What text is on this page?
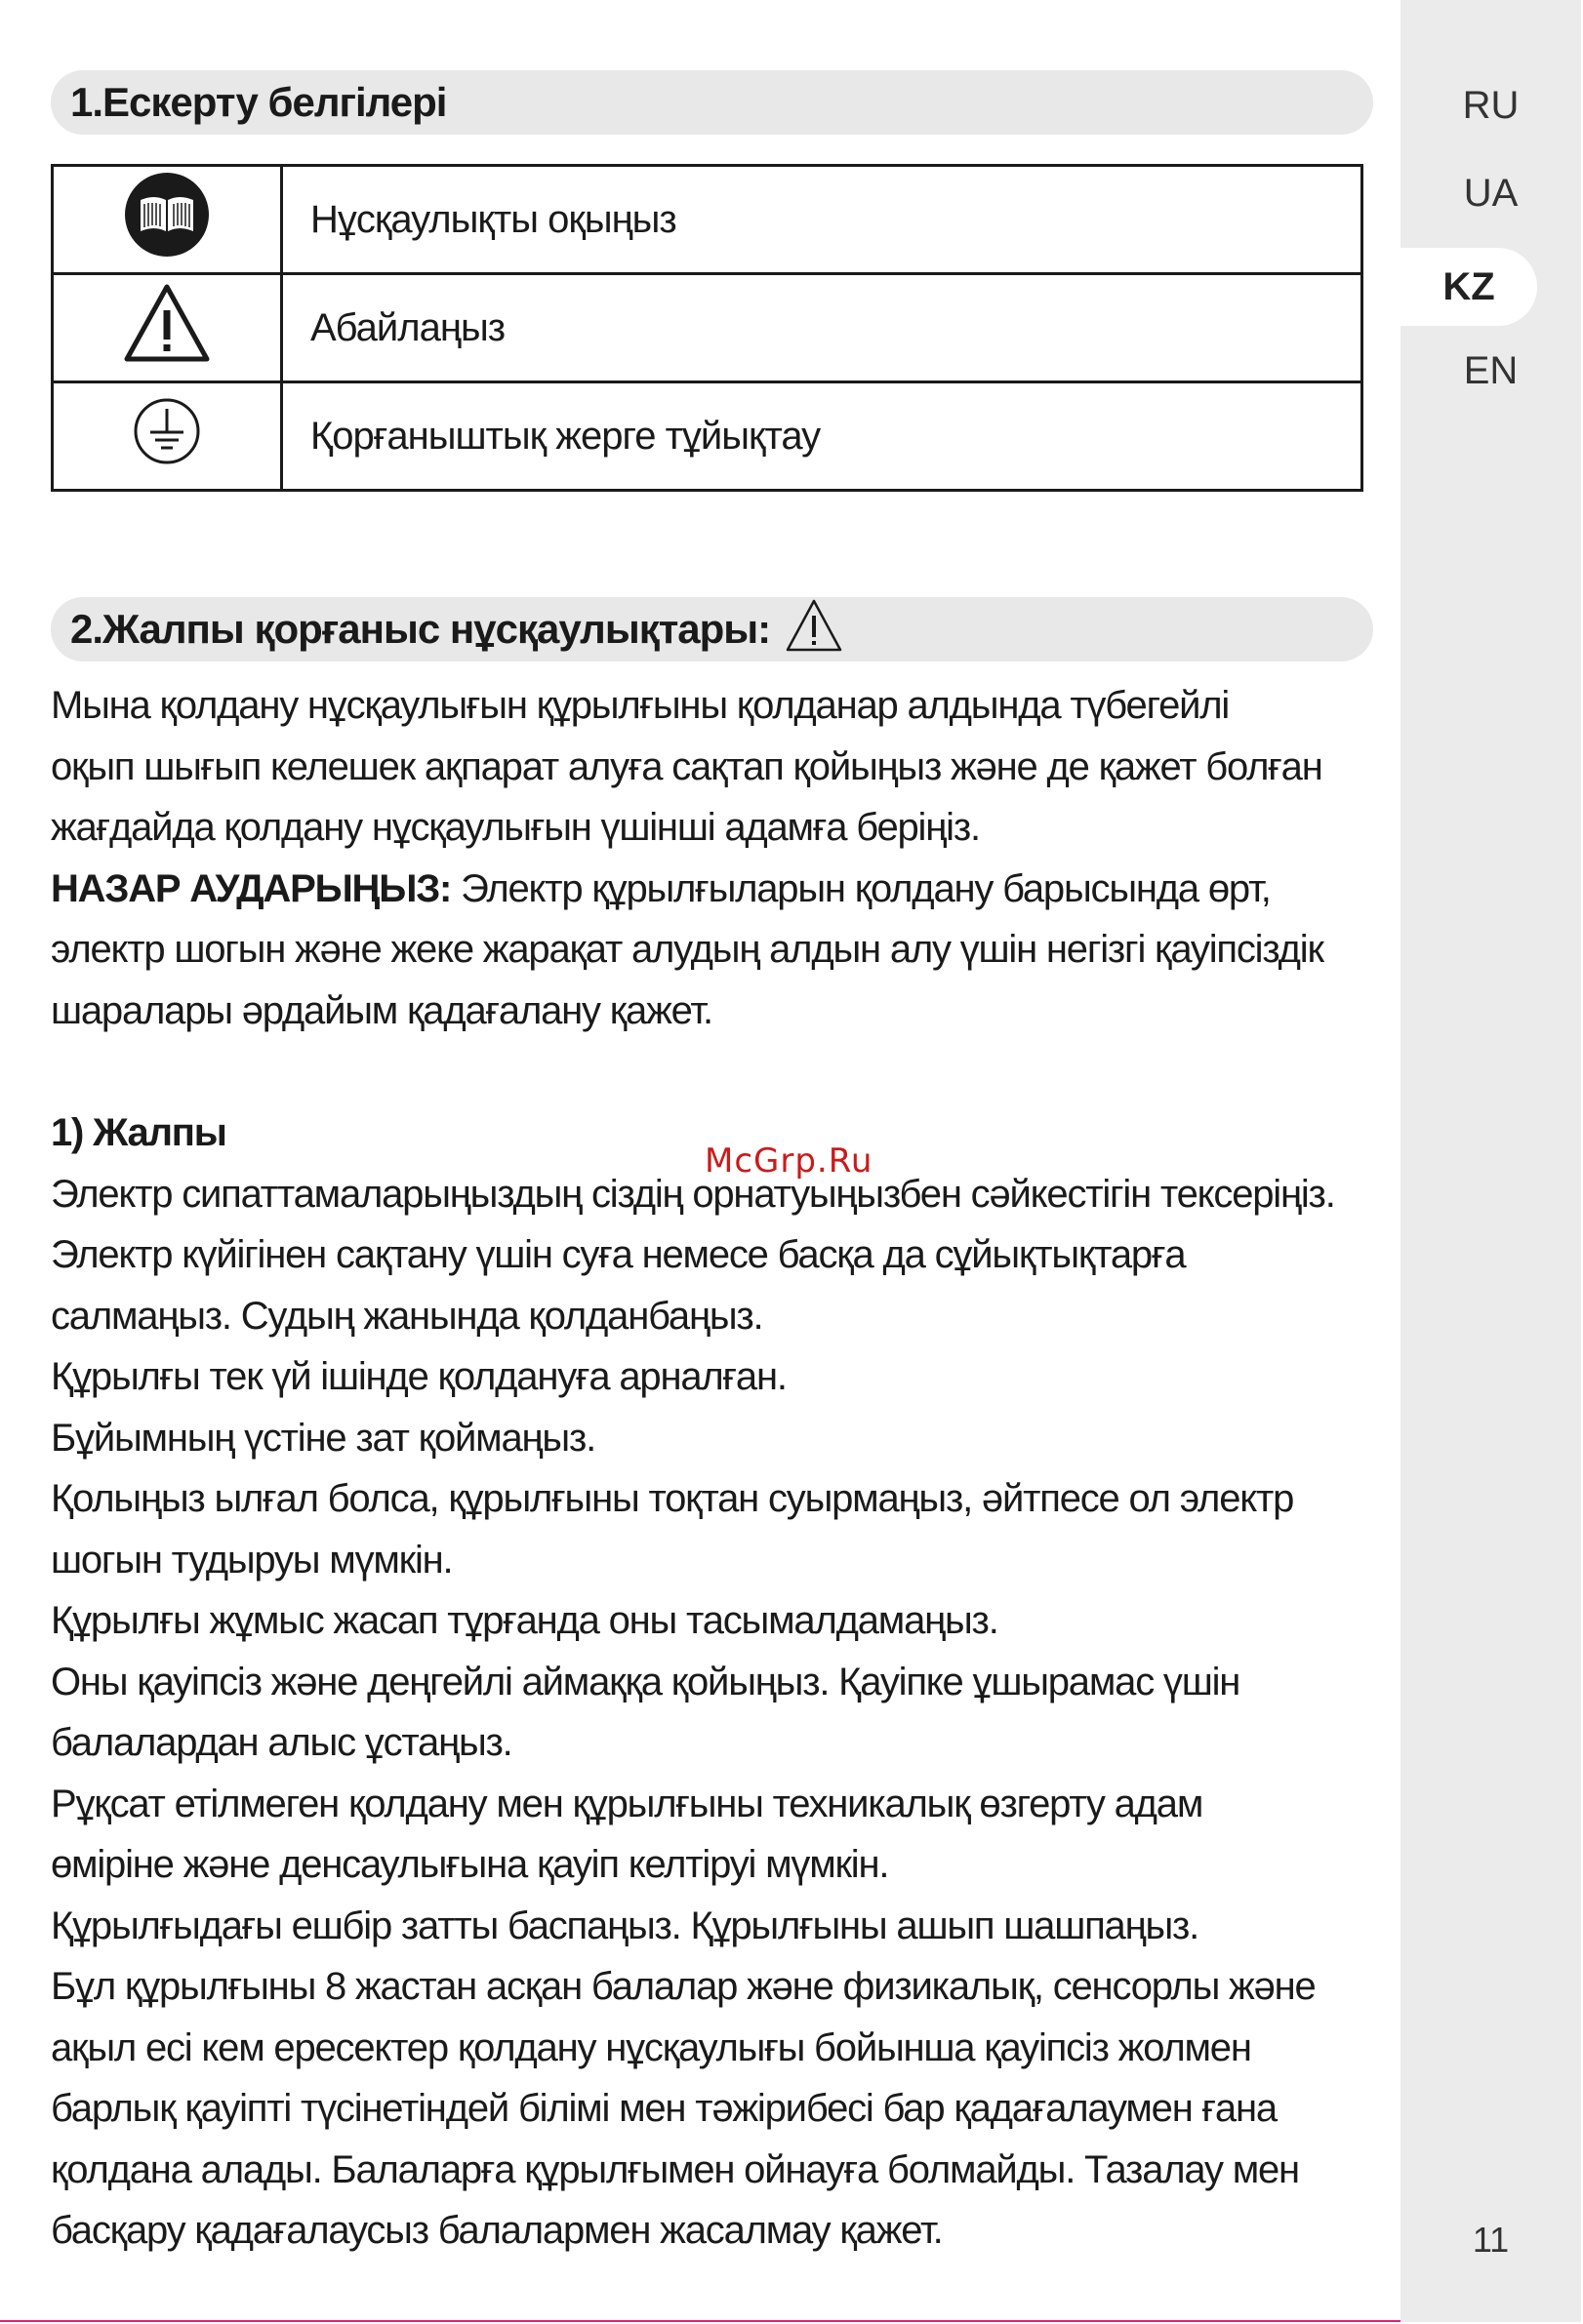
RU
UA
KZ
EN
11
1.Ескерту белгілері
	Нұсқаулықты оқыңыз
	Абайлаңыз
	Қорғаныштық жерге тұйықтау
2.Жалпы қорғаныс нұсқаулықтары:

Мына қолдану нұсқаулығын құрылғыны қолданар алдында түбегейлі

оқып шығып келешек ақпарат алуға сақтап қойыңыз және де қажет болған

жағдайда қолдану нұсқаулығын үшінші адамға беріңіз.

НАЗАР АУДАРЫҢЫЗ: Электр құрылғыларын қолдану барысында өрт,

электр шогын және жеке жарақат алудың алдын алу үшін негізгі қауіпсіздік

шаралары әрдайым қадағалану қажет.

1) Жалпы

Электр сипаттамаларыңыздың сіздің орнатуыңызбен сәйкестігін тексеріңіз.

Электр күйігінен сақтану үшін суға немесе басқа да сұйықтықтарға

салмаңыз. Судың жанында қолданбаңыз.

Құрылғы тек үй ішінде қолдануға арналған.

Бұйымның үстіне зат қоймаңыз.

Қолыңыз ылғал болса, құрылғыны тоқтан суырмаңыз, әйтпесе ол электр

шогын тудыруы мүмкін.

Құрылғы жұмыс жасап тұрғанда оны тасымалдамаңыз.

Оны қауіпсіз және деңгейлі аймаққа қойыңыз. Қауіпке ұшырамас үшін

балалардан алыс ұстаңыз.

Рұқсат етілмеген қолдану мен құрылғыны техникалық өзгерту адам

өміріне және денсаулығына қауіп келтіруі мүмкін.

Құрылғыдағы ешбір затты баспаңыз. Құрылғыны ашып шашпаңыз.

Бұл құрылғыны 8 жастан асқан балалар және физикалық, сенсорлы және

ақыл есі кем ересектер қолдану нұсқаулығы бойынша қауіпсіз жолмен

барлық қауіпті түсінетіндей білімі мен тәжірибесі бар қадағалаумен ғана

қолдана алады. Балаларға құрылғымен ойнауға болмайды. Тазалау мен

басқару қадағалаусыз балалармен жасалмау қажет.

McGrp.Ru
